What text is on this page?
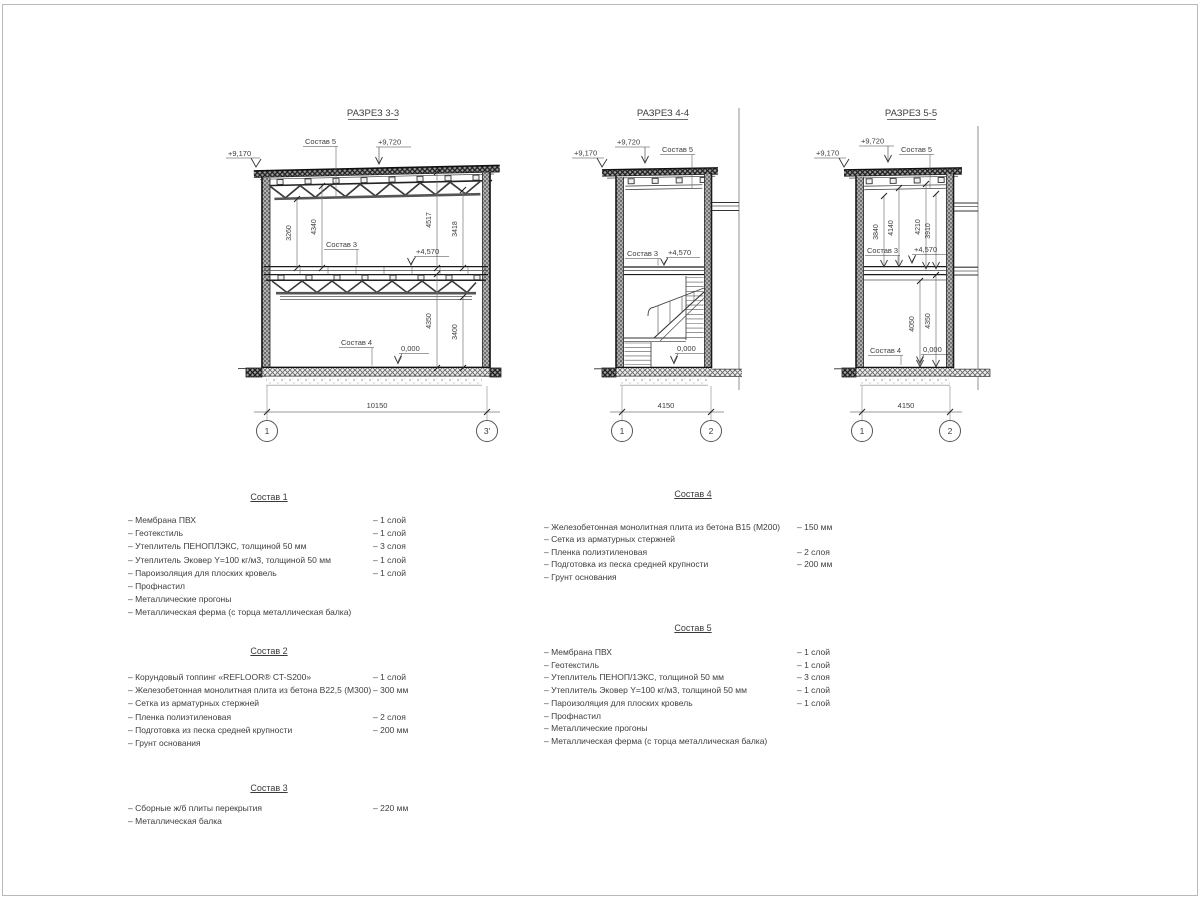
РАЗРЕЗ 3-3
3260	4340	4517
3418
4350
3400
+9,170
Состав 5	+9,720
Состав 3
+4,570
Состав 4
0,000
10150
1	3'
РАЗРЕЗ 4-4
+9,170
+9,720
Состав 5
Состав 3 +4,570
0,000
4150
1	2
РАЗРЕЗ 5-5
3840 4140	4210 3910
4050 4350
+9,170
+9,720
Состав 5
Состав 3 +4,570
Состав 4	0,000
4150
1	2
Состав 1
– Мембрана ПВХ	– 1 слой
– Геотекстиль	– 1 слой
– Утеплитель ПЕНОПЛЭКС, толщиной 50 мм	– 3 слоя
– Утеплитель Эковер Y=100 кг/м3, толщиной 50 мм	– 1 слой
– Пароизоляция для плоских кровель	– 1 слой
– Профнастил
– Металлические прогоны
– Металлическая ферма (с торца металлическая балка)
Состав 2
– Корундовый топпинг «REFLOOR® CT-S200»	– 1 слой
– Железобетонная монолитная плита из бетона В22,5 (М300) – 300 мм
– Сетка из арматурных стержней
– Пленка полиэтиленовая	– 2 слоя
– Подготовка из песка средней крупности	– 200 мм
– Грунт основания
Состав 3
– Сборные ж/б плиты перекрытия	– 220 мм
– Металлическая балка
Состав 4
– Железобетонная монолитная плита из бетона В15 (М200) – 150 мм
– Сетка из арматурных стержней
– Пленка полиэтиленовая	– 2 слоя
– Подготовка из песка средней крупности	– 200 мм
– Грунт основания
Состав 5
– Мембрана ПВХ	– 1 слой
– Геотекстиль	– 1 слой
– Утеплитель ПЕНОП/1ЭКС, толщиной 50 мм	– 3 слоя
– Утеплитель Эковер Y=100 кг/м3, толщиной 50 мм	– 1 слой
– Пароизоляция для плоских кровель	– 1 слой
– Профнастил
– Металлические прогоны
– Металлическая ферма (с торца металлическая балка)
